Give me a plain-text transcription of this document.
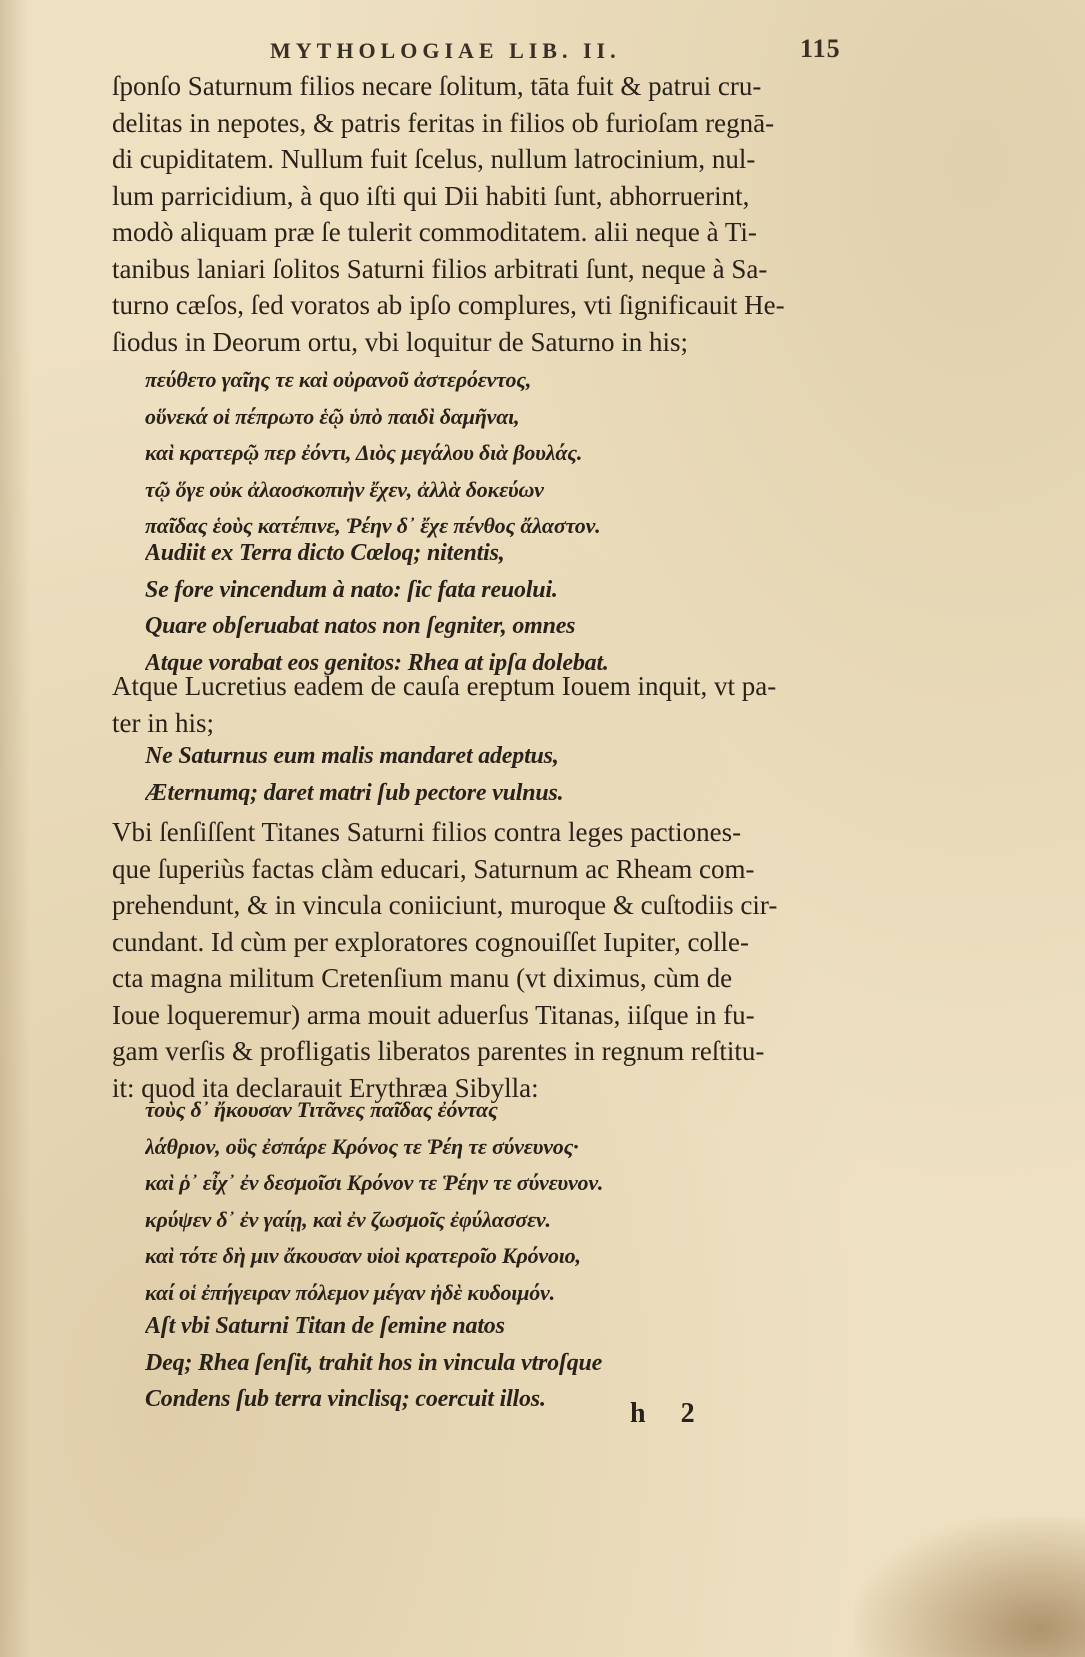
MYTHOLOGIAE LIB. II.	115
ſponſo Saturnum filios necare ſolitum, tāta fuit & patrui cru-
delitas in nepotes, & patris feritas in filios ob furioſam regnā-
di cupiditatem. Nullum fuit ſcelus, nullum latrocinium, nul-
lum parricidium, à quo iſti qui Dii habiti ſunt, abhorruerint,
modò aliquam præ ſe tulerit commoditatem. alii neque à Ti-
tanibus laniari ſolitos Saturni filios arbitrati ſunt, neque à Sa-
turno cæſos, ſed voratos ab ipſo complures, vti ſignificauit He-
ſiodus in Deorum ortu, vbi loquitur de Saturno in his;
πεύθετο γαῖης τε καὶ οὐρανοῦ ἀστερόεντος,
οὕνεκά οἱ πέπρωτο ἑῷ ὑπὸ παιδὶ δαμῆναι,
καὶ κρατερῷ περ ἐόντι, Διὸς μεγάλου διὰ βουλάς.
τῷ ὅγε οὐκ ἀλαοσκοπιὴν ἔχεν, ἀλλὰ δοκεύων
παῖδας ἑοὺς κατέπινε, Ῥέην δ᾽ ἔχε πένθος ἄλαστον.
Audiit ex Terra dicto Cœloq; nitentis,
Se fore vincendum à nato: ſic fata reuolui.
Quare obſeruabat natos non ſegniter, omnes
Atque vorabat eos genitos: Rhea at ipſa dolebat.
Atque Lucretius eadem de cauſa ereptum Iouem inquit, vt pa-
ter in his;
Ne Saturnus eum malis mandaret adeptus,
Æternumq; daret matri ſub pectore vulnus.
Vbi ſenſiſſent Titanes Saturni filios contra leges pactiones-
que ſuperiùs factas clàm educari, Saturnum ac Rheam com-
prehendunt, & in vincula coniiciunt, muroque & cuſtodiis cir-
cundant. Id cùm per exploratores cognouiſſet Iupiter, colle-
cta magna militum Cretenſium manu (vt diximus, cùm de
Ioue loqueremur) arma mouit aduerſus Titanas, iiſque in fu-
gam verſis & profligatis liberatos parentes in regnum reſtitu-
it: quod ita declarauit Erythræa Sibylla:
τοὺς δ᾽ ἤκουσαν Τιτᾶνες παῖδας ἐόντας
λάθριον, οὓς ἐσπάρε Κρόνος τε Ῥέη τε σύνευνος·
καὶ ῥ᾽ εἶχ᾽ ἐν δεσμοῖσι Κρόνον τε Ῥέην τε σύνευνον.
κρύψεν δ᾽ ἐν γαίῃ, καὶ ἐν ζωσμοῖς ἐφύλασσεν.
καὶ τότε δὴ μιν ἄκουσαν υἱοὶ κρατεροῖο Κρόνοιο,
καί οἱ ἐπήγειραν πόλεμον μέγαν ἠδὲ κυδοιμόν.
Aſt vbi Saturni Titan de ſemine natos
Deq; Rhea ſenſit, trahit hos in vincula vtroſque
Condens ſub terra vinclisq; coercuit illos.	h 2
